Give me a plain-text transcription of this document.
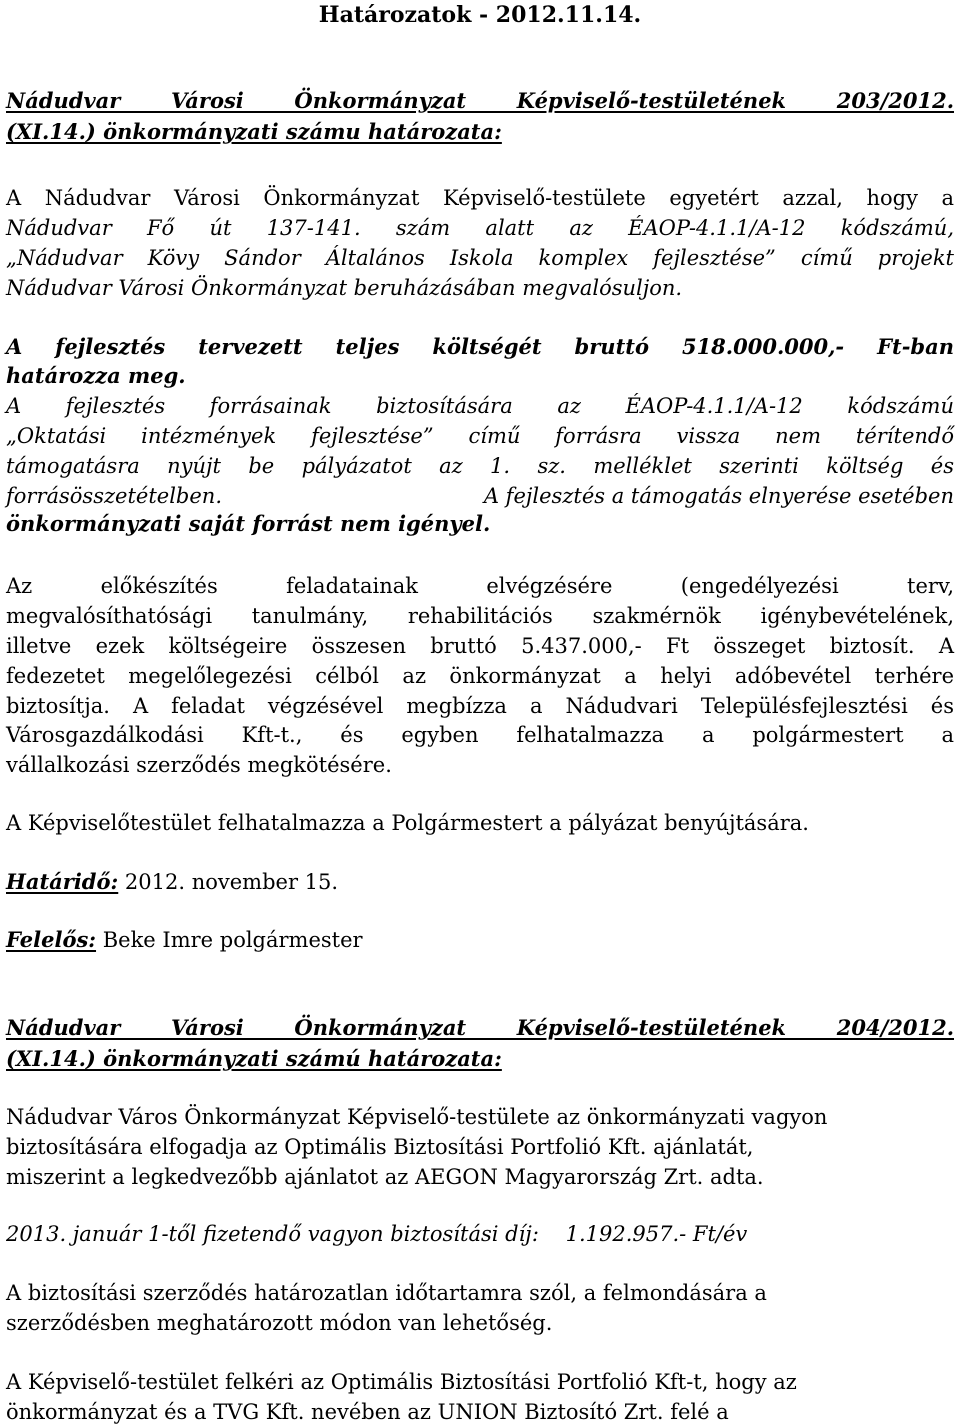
Határozatok - 2012.11.14.
Nádudvar Városi Önkormányzat Képviselő-testületének 203/2012.
(XI.14.) önkormányzati számu határozata:
A Nádudvar Városi Önkormányzat Képviselő-testülete egyetért azzal, hogy a
Nádudvar Fő út 137-141. szám alatt az ÉAOP-4.1.1/A-12 kódszámú,
„Nádudvar Kövy Sándor Általános Iskola komplex fejlesztése” című projekt
Nádudvar Városi Önkormányzat beruházásában megvalósuljon.
A fejlesztés tervezett teljes költségét bruttó 518.000.000,- Ft-ban
határozza meg.
A fejlesztés forrásainak biztosítására az ÉAOP-4.1.1/A-12 kódszámú
„Oktatási intézmények fejlesztése” című forrásra vissza nem térítendő
támogatásra nyújt be pályázatot az 1. sz. melléklet szerinti költség és
forrásösszetételben.	A fejlesztés a támogatás elnyerése esetében
önkormányzati saját forrást nem igényel.
Az előkészítés feladatainak elvégzésére (engedélyezési terv,
megvalósíthatósági tanulmány, rehabilitációs szakmérnök igénybevételének,
illetve ezek költségeire összesen bruttó 5.437.000,- Ft összeget biztosít. A
fedezetet megelőlegezési célból az önkormányzat a helyi adóbevétel terhére
biztosítja. A feladat végzésével megbízza a Nádudvari Településfejlesztési és
Városgazdálkodási Kft-t., és egyben felhatalmazza a polgármestert a
vállalkozási szerződés megkötésére.
A Képviselőtestület felhatalmazza a Polgármestert a pályázat benyújtására.
Határidő: 2012. november 15.
Felelős: Beke Imre polgármester
Nádudvar Városi Önkormányzat Képviselő-testületének 204/2012.
(XI.14.) önkormányzati számú határozata:
Nádudvar Város Önkormányzat Képviselő-testülete az önkormányzati vagyon
biztosítására elfogadja az Optimális Biztosítási Portfolió Kft. ajánlatát,
miszerint a legkedvezőbb ajánlatot az AEGON Magyarország Zrt. adta.
2013. január 1-től fizetendő vagyon biztosítási díj: 1.192.957.- Ft/év
A biztosítási szerződés határozatlan időtartamra szól, a felmondására a
szerződésben meghatározott módon van lehetőség.
A Képviselő-testület felkéri az Optimális Biztosítási Portfolió Kft-t, hogy az
önkormányzat és a TVG Kft. nevében az UNION Biztosító Zrt. felé a
